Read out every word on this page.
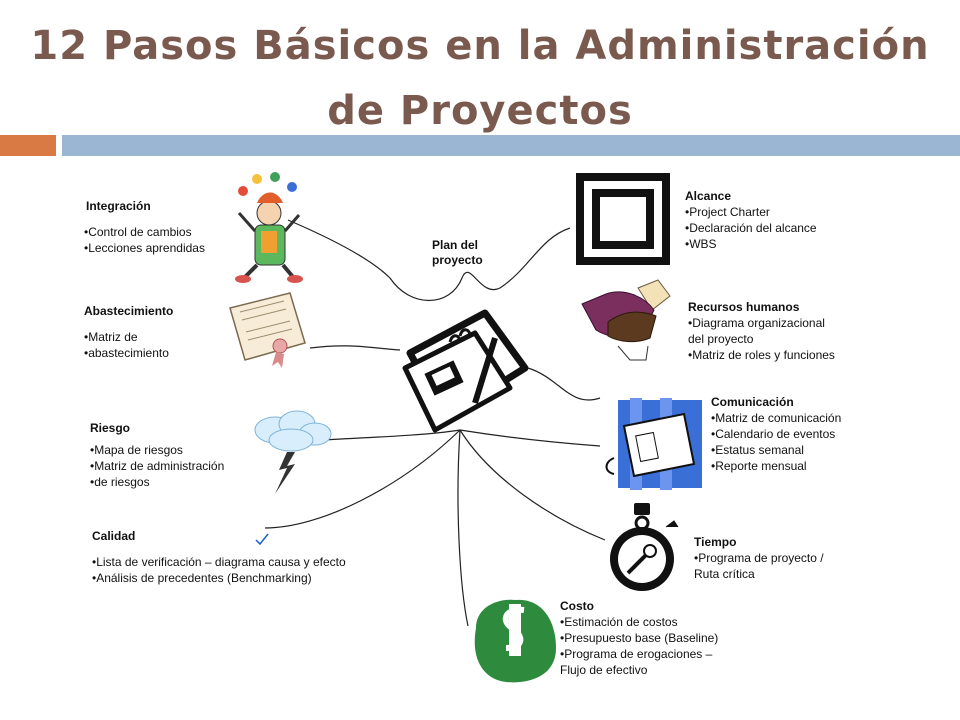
12 Pasos Básicos en la Administración
de Proyectos
Plan del
proyecto
Integración
• Control de cambios
• Lecciones aprendidas
Abastecimiento
• Matriz de
• abastecimiento
Riesgo
• Mapa de riesgos
• Matriz de administración
• de riesgos
Calidad
• Lista de verificación – diagrama causa y efecto
• Análisis de precedentes (Benchmarking)
Alcance
• Project Charter
• Declaración del alcance
• WBS
Recursos humanos
• Diagrama organizacional
del proyecto
• Matriz de roles y funciones
Comunicación
• Matriz de comunicación
• Calendario de eventos
• Estatus semanal
• Reporte mensual
Tiempo
• Programa de proyecto /
Ruta crítica
Costo
• Estimación de costos
• Presupuesto base (Baseline)
• Programa de erogaciones –
Flujo de efectivo
